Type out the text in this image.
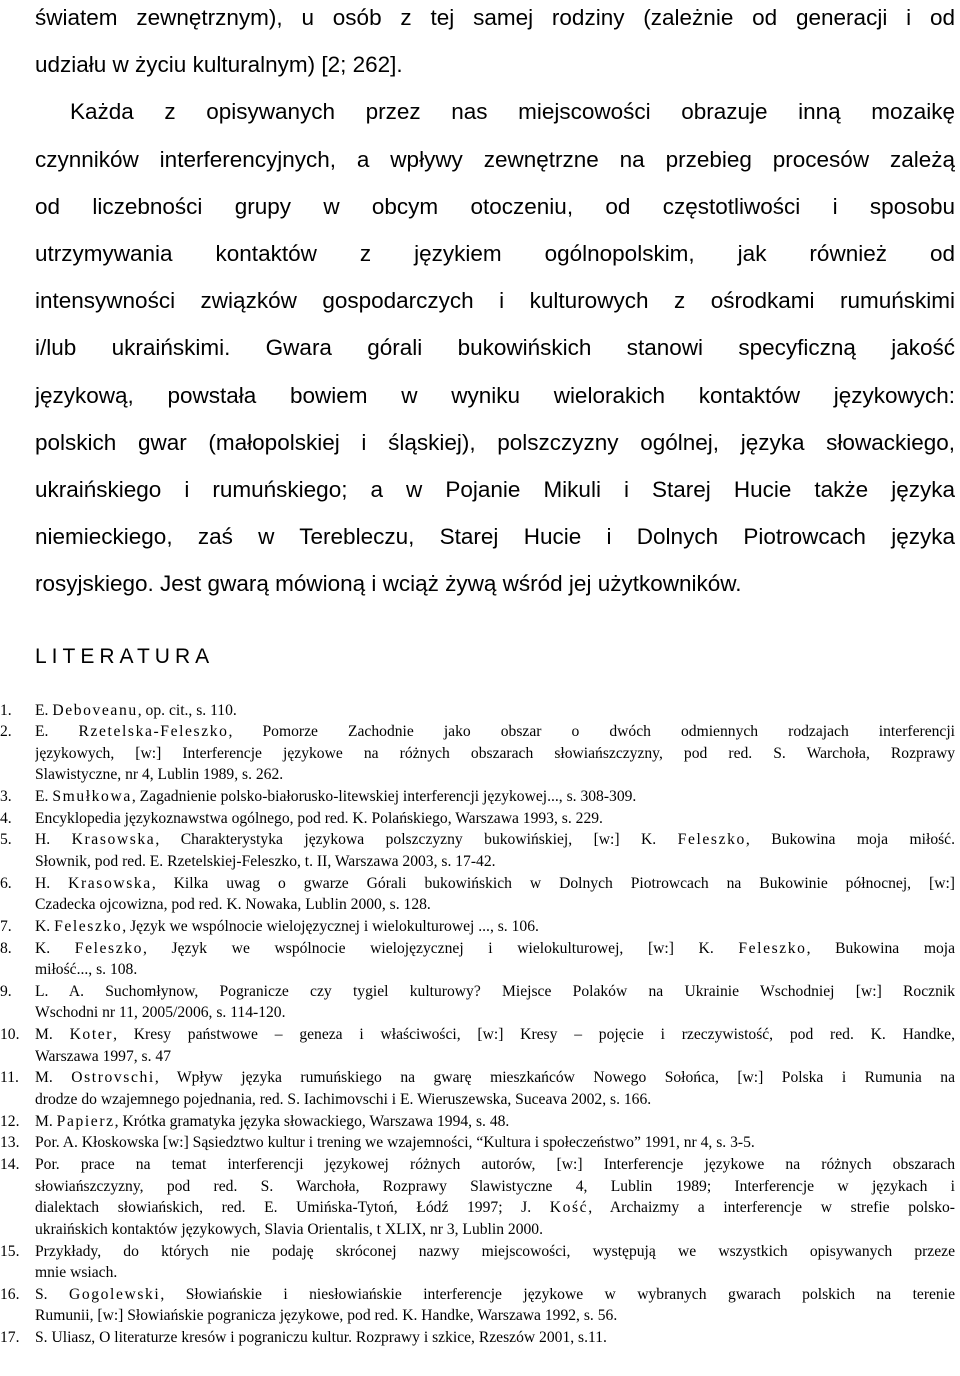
światem zewnętrznym), u osób z tej samej rodziny (zależnie od generacji i od
udziału w życiu kulturalnym) [2; 262].
Każda z opisywanych przez nas miejscowości obrazuje inną mozaikę
czynników interferencyjnych, a wpływy zewnętrzne na przebieg procesów zależą
od liczebności grupy w obcym otoczeniu, od częstotliwości i sposobu
utrzymywania kontaktów z językiem ogólnopolskim, jak również od
intensywności związków gospodarczych i kulturowych z ośrodkami rumuńskimi
i/lub ukraińskimi. Gwara górali bukowińskich stanowi specyficzną jakość
językową, powstała bowiem w wyniku wielorakich kontaktów językowych:
polskich gwar (małopolskiej i śląskiej), polszczyzny ogólnej, języka słowackiego,
ukraińskiego i rumuńskiego; a w Pojanie Mikuli i Starej Hucie także języka
niemieckiego, zaś w Terebleczu, Starej Hucie i Dolnych Piotrowcach języka
rosyjskiego. Jest gwarą mówioną i wciąż żywą wśród jej użytkowników.
LITERATURA
1. E. Deboveanu, op. cit., s. 110.
2. E. Rzetelska-Feleszko, Pomorze Zachodnie jako obszar o dwóch odmiennych rodzajach interferencji
językowych, [w:] Interferencje językowe na różnych obszarach słowiańszczyzny, pod red. S. Warchoła, Rozprawy
Slawistyczne, nr 4, Lublin 1989, s. 262.
3. E. Smułkowa, Zagadnienie polsko-białorusko-litewskiej interferencji językowej..., s. 308-309.
4. Encyklopedia językoznawstwa ogólnego, pod red. K. Polańskiego, Warszawa 1993, s. 229.
5. H. Krasowska, Charakterystyka językowa polszczyzny bukowińskiej, [w:] K. Feleszko, Bukowina moja miłość.
Słownik, pod red. E. Rzetelskiej-Feleszko, t. II, Warszawa 2003, s. 17-42.
6. H. Krasowska, Kilka uwag o gwarze Górali bukowińskich w Dolnych Piotrowcach na Bukowinie północnej, [w:]
Czadecka ojcowizna, pod red. K. Nowaka, Lublin 2000, s. 128.
7. K. Feleszko, Język we wspólnocie wielojęzycznej i wielokulturowej ..., s. 106.
8. K. Feleszko, Język we wspólnocie wielojęzycznej i wielokulturowej, [w:] K. Feleszko, Bukowina moja
miłość..., s. 108.
9. L. A. Suchomłynow, Pogranicze czy tygiel kulturowy? Miejsce Polaków na Ukrainie Wschodniej [w:] Rocznik
Wschodni nr 11, 2005/2006, s. 114-120.
10. M. Koter, Kresy państwowe – geneza i właściwości, [w:] Kresy – pojęcie i rzeczywistość, pod red. K. Handke,
Warszawa 1997, s. 47
11. M. Ostrovschi, Wpływ języka rumuńskiego na gwarę mieszkańców Nowego Sołońca, [w:] Polska i Rumunia na
drodze do wzajemnego pojednania, red. S. Iachimovschi i E. Wieruszewska, Suceava 2002, s. 166.
12. M. Papierz, Krótka gramatyka języka słowackiego, Warszawa 1994, s. 48.
13. Por. A. Kłoskowska [w:] Sąsiedztwo kultur i trening we wzajemności, “Kultura i społeczeństwo” 1991, nr 4, s. 3-5.
14. Por. prace na temat interferencji językowej różnych autorów, [w:] Interferencje językowe na różnych obszarach
słowiańszczyzny, pod red. S. Warchoła, Rozprawy Slawistyczne 4, Lublin 1989; Interferencje w językach i
dialektach słowiańskich, red. E. Umińska-Tytoń, Łódź 1997; J. Kość, Archaizmy a interferencje w strefie polsko-
ukraińskich kontaktów językowych, Slavia Orientalis, t XLIX, nr 3, Lublin 2000.
15. Przykłady, do których nie podaję skróconej nazwy miejscowości, występują we wszystkich opisywanych przeze
mnie wsiach.
16. S. Gogolewski, Słowiańskie i niesłowiańskie interferencje językowe w wybranych gwarach polskich na terenie
Rumunii, [w:] Słowiańskie pogranicza językowe, pod red. K. Handke, Warszawa 1992, s. 56.
17. S. Uliasz, O literaturze kresów i pograniczu kultur. Rozprawy i szkice, Rzeszów 2001, s.11.
